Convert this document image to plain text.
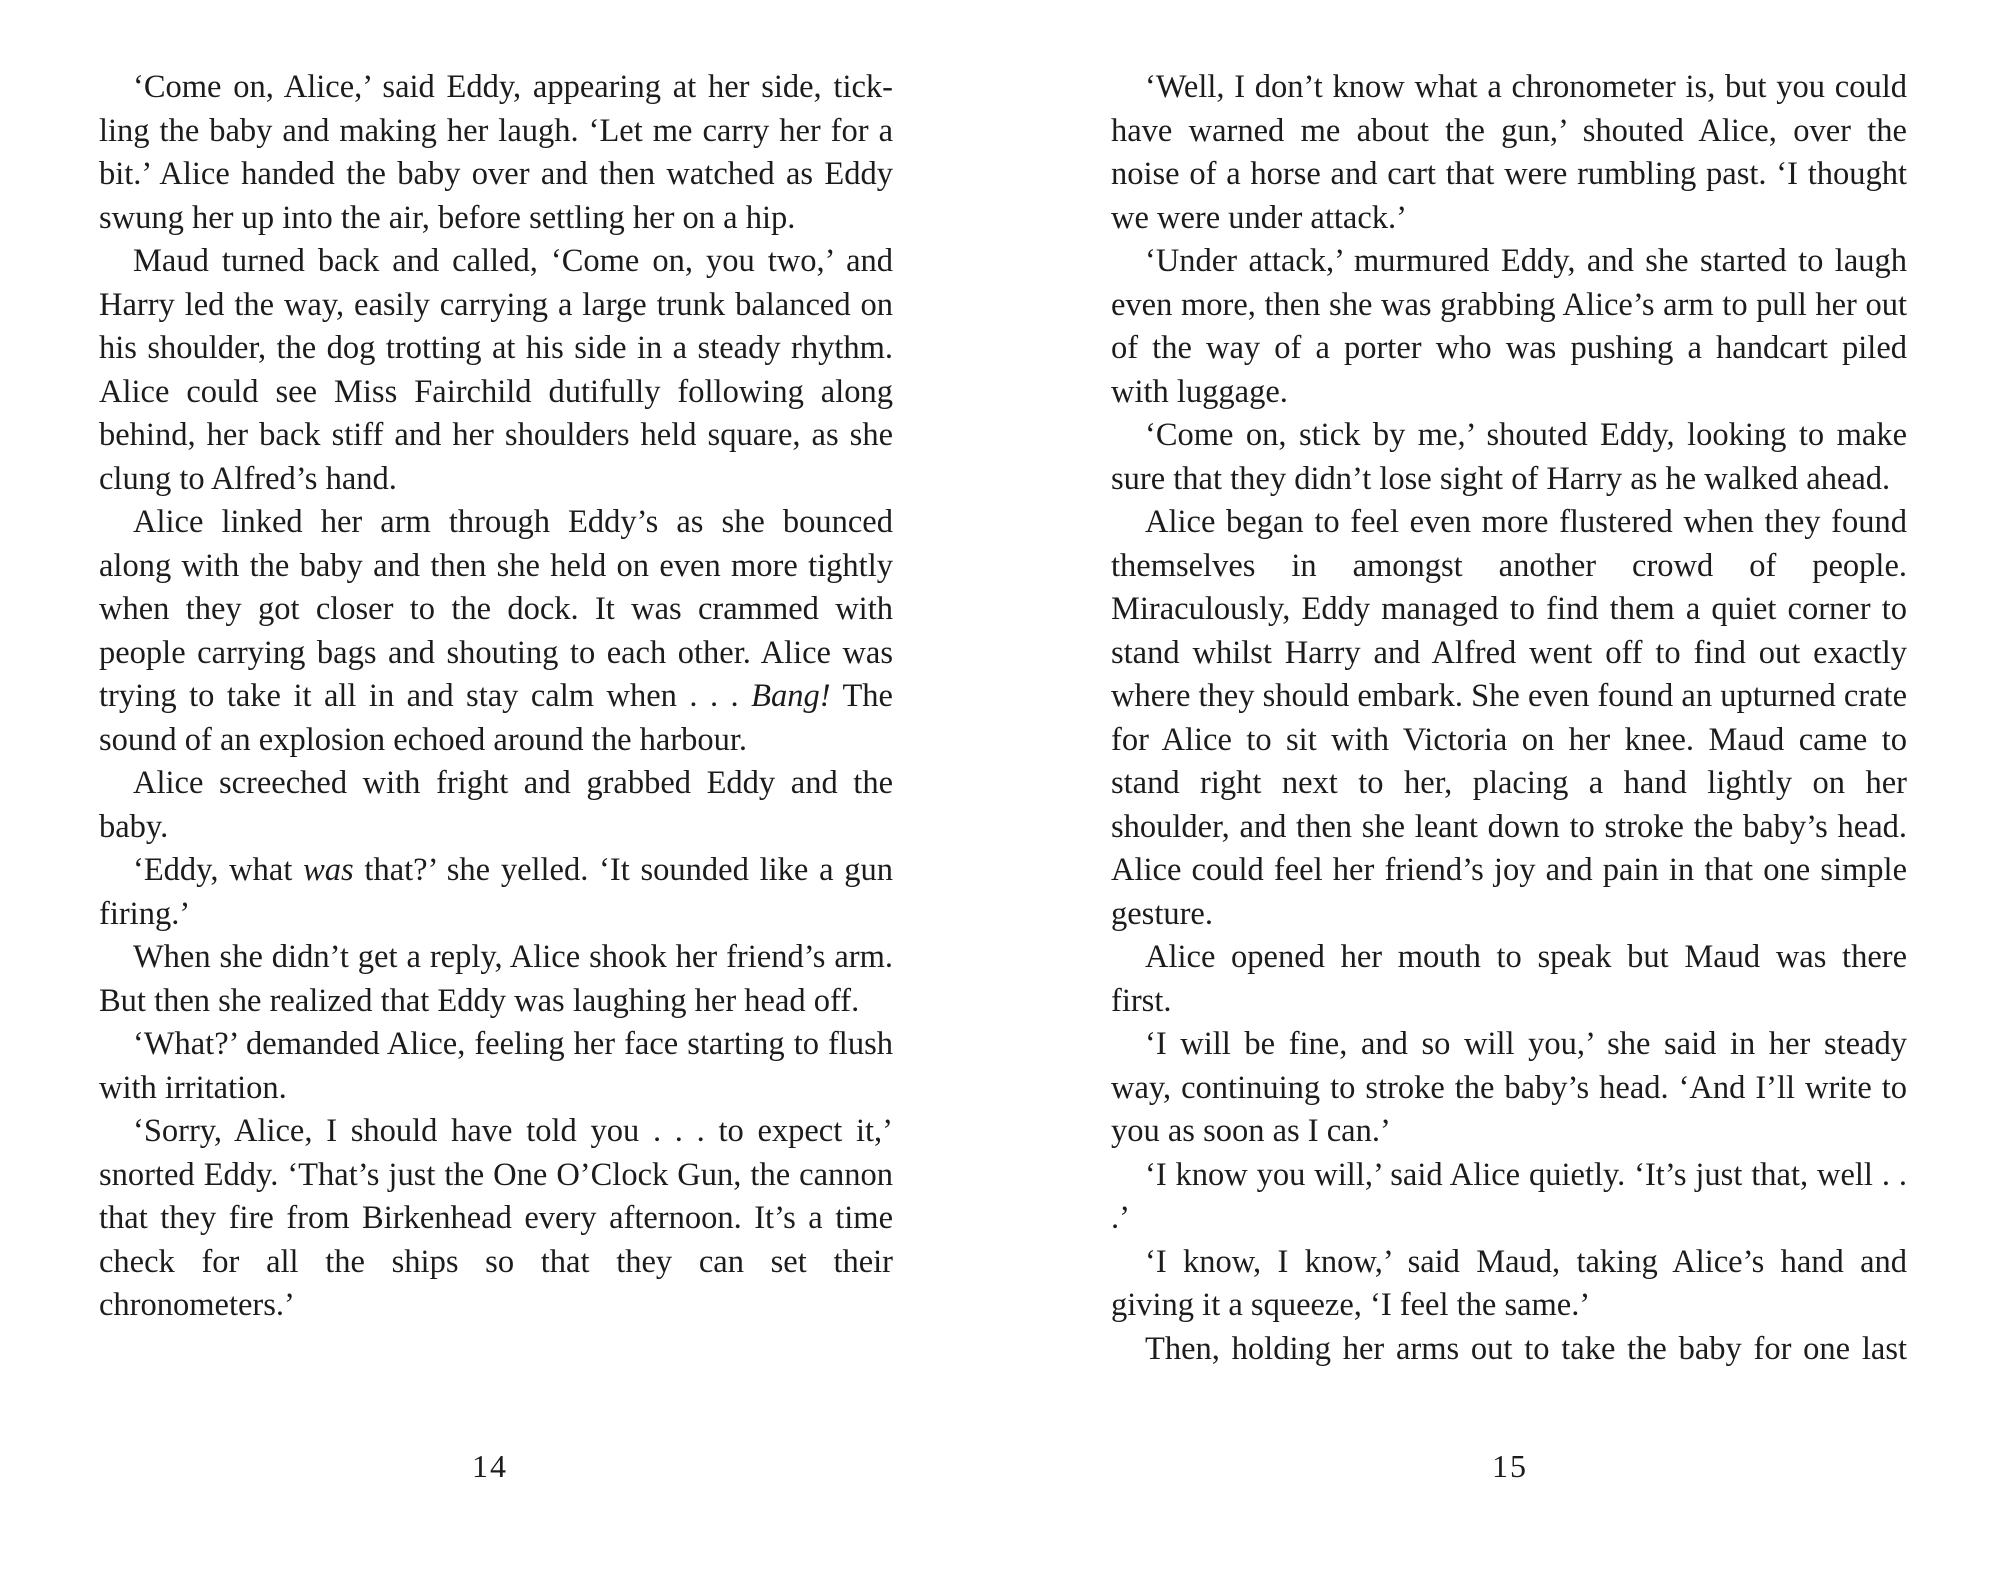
‘Come on, Alice,’ said Eddy, appearing at her side, tickling the baby and making her laugh. ‘Let me carry her for a bit.’ Alice handed the baby over and then watched as Eddy swung her up into the air, before settling her on a hip.

Maud turned back and called, ‘Come on, you two,’ and Harry led the way, easily carrying a large trunk balanced on his shoulder, the dog trotting at his side in a steady rhythm. Alice could see Miss Fairchild dutifully following along behind, her back stiff and her shoulders held square, as she clung to Alfred’s hand.

Alice linked her arm through Eddy’s as she bounced along with the baby and then she held on even more tightly when they got closer to the dock. It was crammed with people carrying bags and shouting to each other. Alice was trying to take it all in and stay calm when . . . Bang! The sound of an explosion echoed around the harbour.

Alice screeched with fright and grabbed Eddy and the baby.

‘Eddy, what was that?’ she yelled. ‘It sounded like a gun firing.’

When she didn’t get a reply, Alice shook her friend’s arm. But then she realized that Eddy was laughing her head off.

‘What?’ demanded Alice, feeling her face starting to flush with irritation.

‘Sorry, Alice, I should have told you . . . to expect it,’ snorted Eddy. ‘That’s just the One O’Clock Gun, the cannon that they fire from Birkenhead every afternoon. It’s a time check for all the ships so that they can set their chronometers.’

14

‘Well, I don’t know what a chronometer is, but you could have warned me about the gun,’ shouted Alice, over the noise of a horse and cart that were rumbling past. ‘I thought we were under attack.’

‘Under attack,’ murmured Eddy, and she started to laugh even more, then she was grabbing Alice’s arm to pull her out of the way of a porter who was pushing a handcart piled with luggage.

‘Come on, stick by me,’ shouted Eddy, looking to make sure that they didn’t lose sight of Harry as he walked ahead.

Alice began to feel even more flustered when they found themselves in amongst another crowd of people. Miraculously, Eddy managed to find them a quiet corner to stand whilst Harry and Alfred went off to find out exactly where they should embark. She even found an upturned crate for Alice to sit with Victoria on her knee. Maud came to stand right next to her, placing a hand lightly on her shoulder, and then she leant down to stroke the baby’s head. Alice could feel her friend’s joy and pain in that one simple gesture.

Alice opened her mouth to speak but Maud was there first.

‘I will be fine, and so will you,’ she said in her steady way, continuing to stroke the baby’s head. ‘And I’ll write to you as soon as I can.’

‘I know you will,’ said Alice quietly. ‘It’s just that, well . . .’

‘I know, I know,’ said Maud, taking Alice’s hand and giving it a squeeze, ‘I feel the same.’

Then, holding her arms out to take the baby for one last

15
